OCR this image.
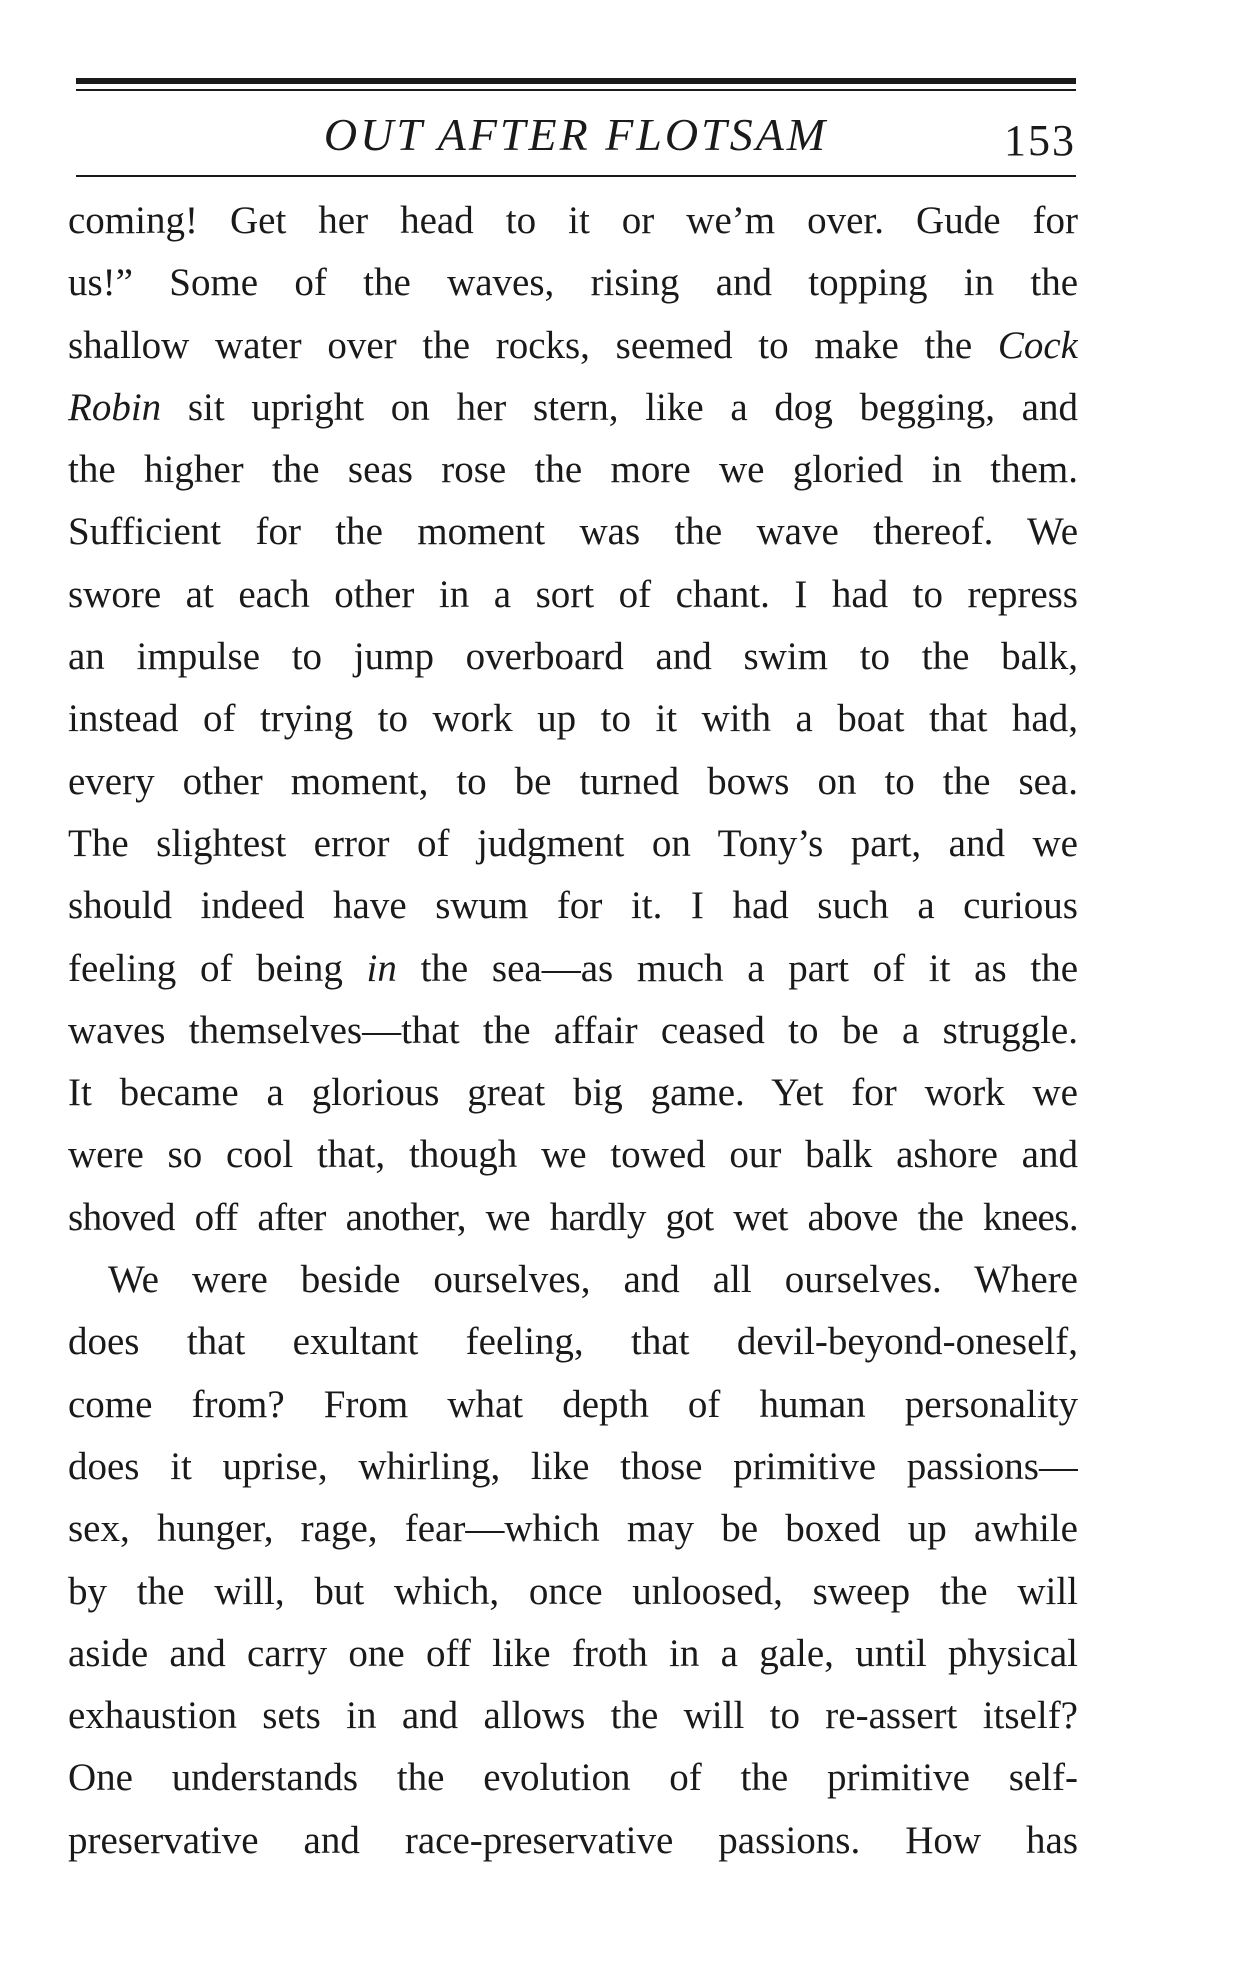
OUT AFTER FLOTSAM	153
coming! Get her head to it or we’m over. Gude for
us!” Some of the waves, rising and topping in the
shallow water over the rocks, seemed to make the Cock
Robin sit upright on her stern, like a dog begging, and
the higher the seas rose the more we gloried in them.
Sufficient for the moment was the wave thereof. We
swore at each other in a sort of chant. I had to repress
an impulse to jump overboard and swim to the balk,
instead of trying to work up to it with a boat that had,
every other moment, to be turned bows on to the sea.
The slightest error of judgment on Tony’s part, and we
should indeed have swum for it. I had such a curious
feeling of being in the sea—as much a part of it as the
waves themselves—that the affair ceased to be a struggle.
It became a glorious great big game. Yet for work we
were so cool that, though we towed our balk ashore and
shoved off after another, we hardly got wet above the knees.
We were beside ourselves, and all ourselves. Where
does that exultant feeling, that devil-beyond-oneself,
come from? From what depth of human personality
does it uprise, whirling, like those primitive passions—
sex, hunger, rage, fear—which may be boxed up awhile
by the will, but which, once unloosed, sweep the will
aside and carry one off like froth in a gale, until physical
exhaustion sets in and allows the will to re-assert itself?
One understands the evolution of the primitive self-
preservative and race-preservative passions. How has
